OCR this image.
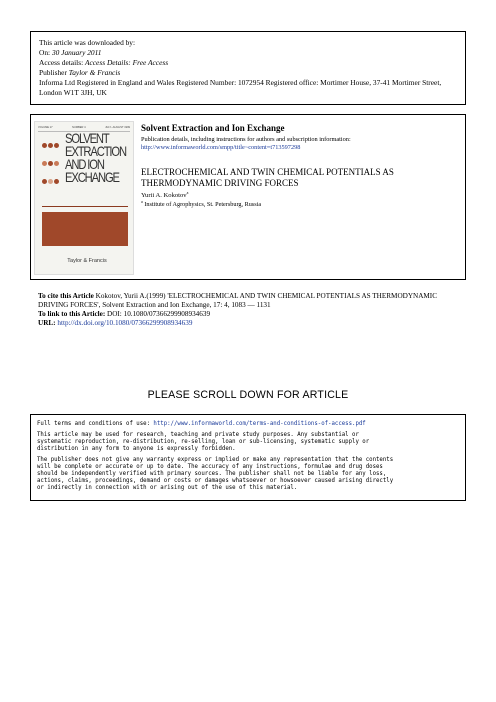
This article was downloaded by:
On: 30 January 2011
Access details: Access Details: Free Access
Publisher Taylor & Francis
Informa Ltd Registered in England and Wales Registered Number: 1072954 Registered office: Mortimer House, 37-41 Mortimer Street, London W1T 3JH, UK
VOLUME 17	NUMBER 4	JULY–AUGUST 1999

SOLVENT EXTRACTION AND ION EXCHANGE
Taylor & Francis
Solvent Extraction and Ion Exchange
Publication details, including instructions for authors and subscription information:
http://www.informaworld.com/smpp/title~content=t713597298
ELECTROCHEMICAL AND TWIN CHEMICAL POTENTIALS AS THERMODYNAMIC DRIVING FORCES
Yurii A. Kokotov$^a$
$^a$ Institute of Agrophysics, St. Petersburg, Russia
To cite this Article Kokotov, Yurii A.(1999) 'ELECTROCHEMICAL AND TWIN CHEMICAL POTENTIALS AS THERMODYNAMIC DRIVING FORCES', Solvent Extraction and Ion Exchange, 17: 4, 1083 — 1131
To link to this Article: DOI: 10.1080/07366299908934639
URL: http://dx.doi.org/10.1080/07366299908934639
PLEASE SCROLL DOWN FOR ARTICLE

Full terms and conditions of use: http://www.informaworld.com/terms-and-conditions-of-access.pdf

This article may be used for research, teaching and private study purposes. Any substantial or
systematic reproduction, re-distribution, re-selling, loan or sub-licensing, systematic supply or
distribution in any form to anyone is expressly forbidden.

The publisher does not give any warranty express or implied or make any representation that the contents
will be complete or accurate or up to date. The accuracy of any instructions, formulae and drug doses
should be independently verified with primary sources. The publisher shall not be liable for any loss,
actions, claims, proceedings, demand or costs or damages whatsoever or howsoever caused arising directly
or indirectly in connection with or arising out of the use of this material.
